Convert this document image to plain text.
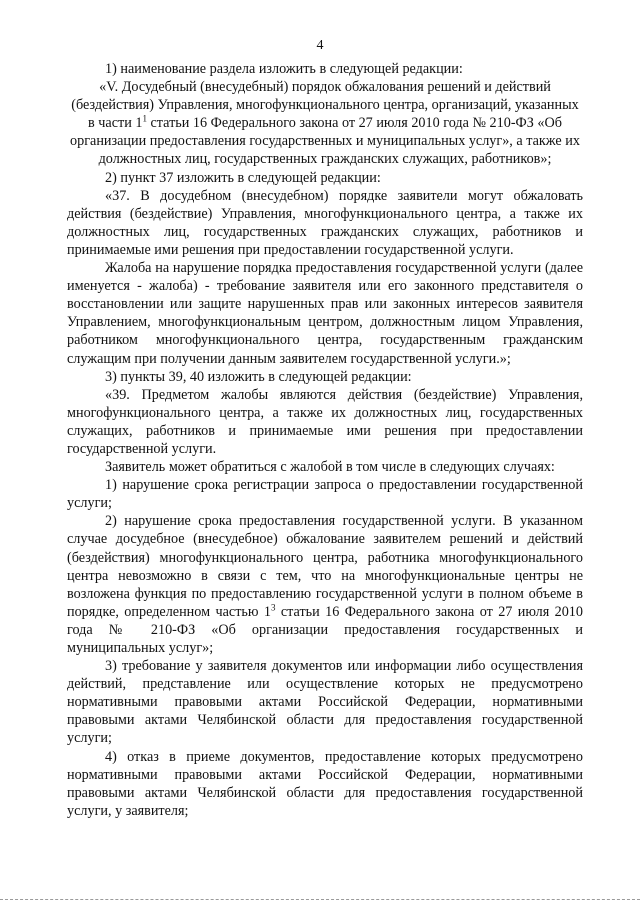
4

1) наименование раздела изложить в следующей редакции:

«V. Досудебный (внесудебный) порядок обжалования решений и действий (бездействия) Управления, многофункционального центра, организаций, указанных в части $1^1$ статьи 16 Федерального закона от 27 июля 2010 года № 210-ФЗ «Об организации предоставления государственных и муниципальных услуг», а также их должностных лиц, государственных гражданских служащих, работников»;

2) пункт 37 изложить в следующей редакции:

«37. В досудебном (внесудебном) порядке заявители могут обжаловать действия (бездействие) Управления, многофункционального центра, а также их должностных лиц, государственных гражданских служащих, работников и принимаемые ими решения при предоставлении государственной услуги.

Жалоба на нарушение порядка предоставления государственной услуги (далее именуется - жалоба) - требование заявителя или его законного представителя о восстановлении или защите нарушенных прав или законных интересов заявителя Управлением, многофункциональным центром, должностным лицом Управления, работником многофункционального центра, государственным гражданским служащим при получении данным заявителем государственной услуги.»;

3) пункты 39, 40 изложить в следующей редакции:

«39. Предметом жалобы являются действия (бездействие) Управления, многофункционального центра, а также их должностных лиц, государственных служащих, работников и принимаемые ими решения при предоставлении государственной услуги.

Заявитель может обратиться с жалобой в том числе в следующих случаях:

1) нарушение срока регистрации запроса о предоставлении государственной услуги;

2) нарушение срока предоставления государственной услуги. В указанном случае досудебное (внесудебное) обжалование заявителем решений и действий (бездействия) многофункционального центра, работника многофункционального центра невозможно в связи с тем, что на многофункциональные центры не возложена функция по предоставлению государственной услуги в полном объеме в порядке, определенном частью $1^3$ статьи 16 Федерального закона от 27 июля 2010 года № 210-ФЗ «Об организации предоставления государственных и муниципальных услуг»;

3) требование у заявителя документов или информации либо осуществления действий, представление или осуществление которых не предусмотрено нормативными правовыми актами Российской Федерации, нормативными правовыми актами Челябинской области для предоставления государственной услуги;

4) отказ в приеме документов, предоставление которых предусмотрено нормативными правовыми актами Российской Федерации, нормативными правовыми актами Челябинской области для предоставления государственной услуги, у заявителя;
